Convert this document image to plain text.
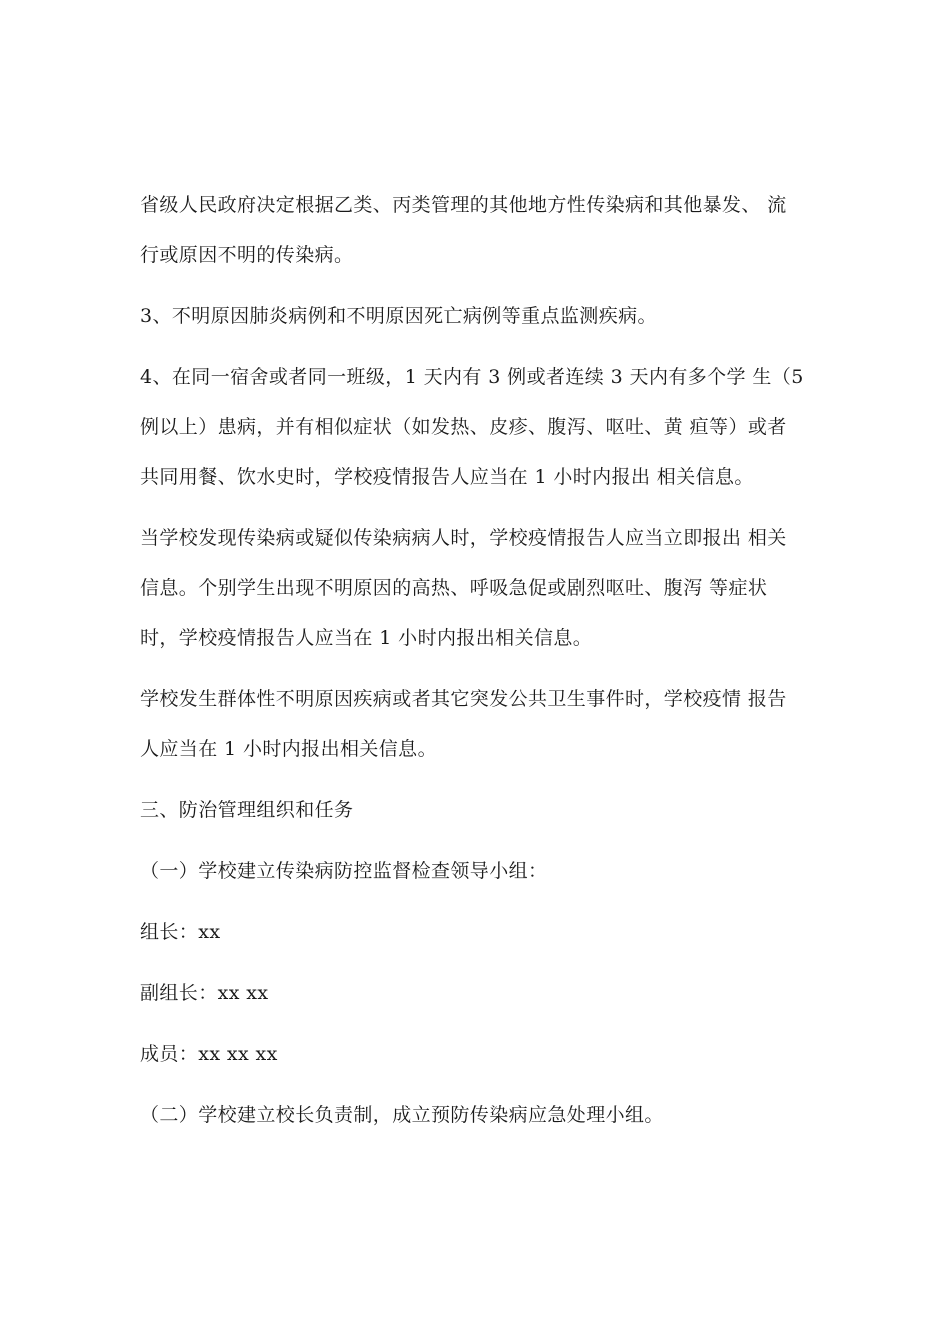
省级人民政府决定根据乙类、丙类管理的其他地方性传染病和其他暴发、 流
行或原因不明的传染病。

3、不明原因肺炎病例和不明原因死亡病例等重点监测疾病。

4、在同一宿舍或者同一班级，1 天内有 3 例或者连续 3 天内有多个学 生（5
例以上）患病，并有相似症状（如发热、皮疹、腹泻、呕吐、黄 疸等）或者
共同用餐、饮水史时，学校疫情报告人应当在 1 小时内报出 相关信息。

当学校发现传染病或疑似传染病病人时，学校疫情报告人应当立即报出 相关
信息。个别学生出现不明原因的高热、呼吸急促或剧烈呕吐、腹泻 等症状
时，学校疫情报告人应当在 1 小时内报出相关信息。

学校发生群体性不明原因疾病或者其它突发公共卫生事件时，学校疫情 报告
人应当在 1 小时内报出相关信息。

三、防治管理组织和任务

（一）学校建立传染病防控监督检查领导小组：

组长：xx

副组长：xx xx

成员：xx xx xx

（二）学校建立校长负责制，成立预防传染病应急处理小组。
